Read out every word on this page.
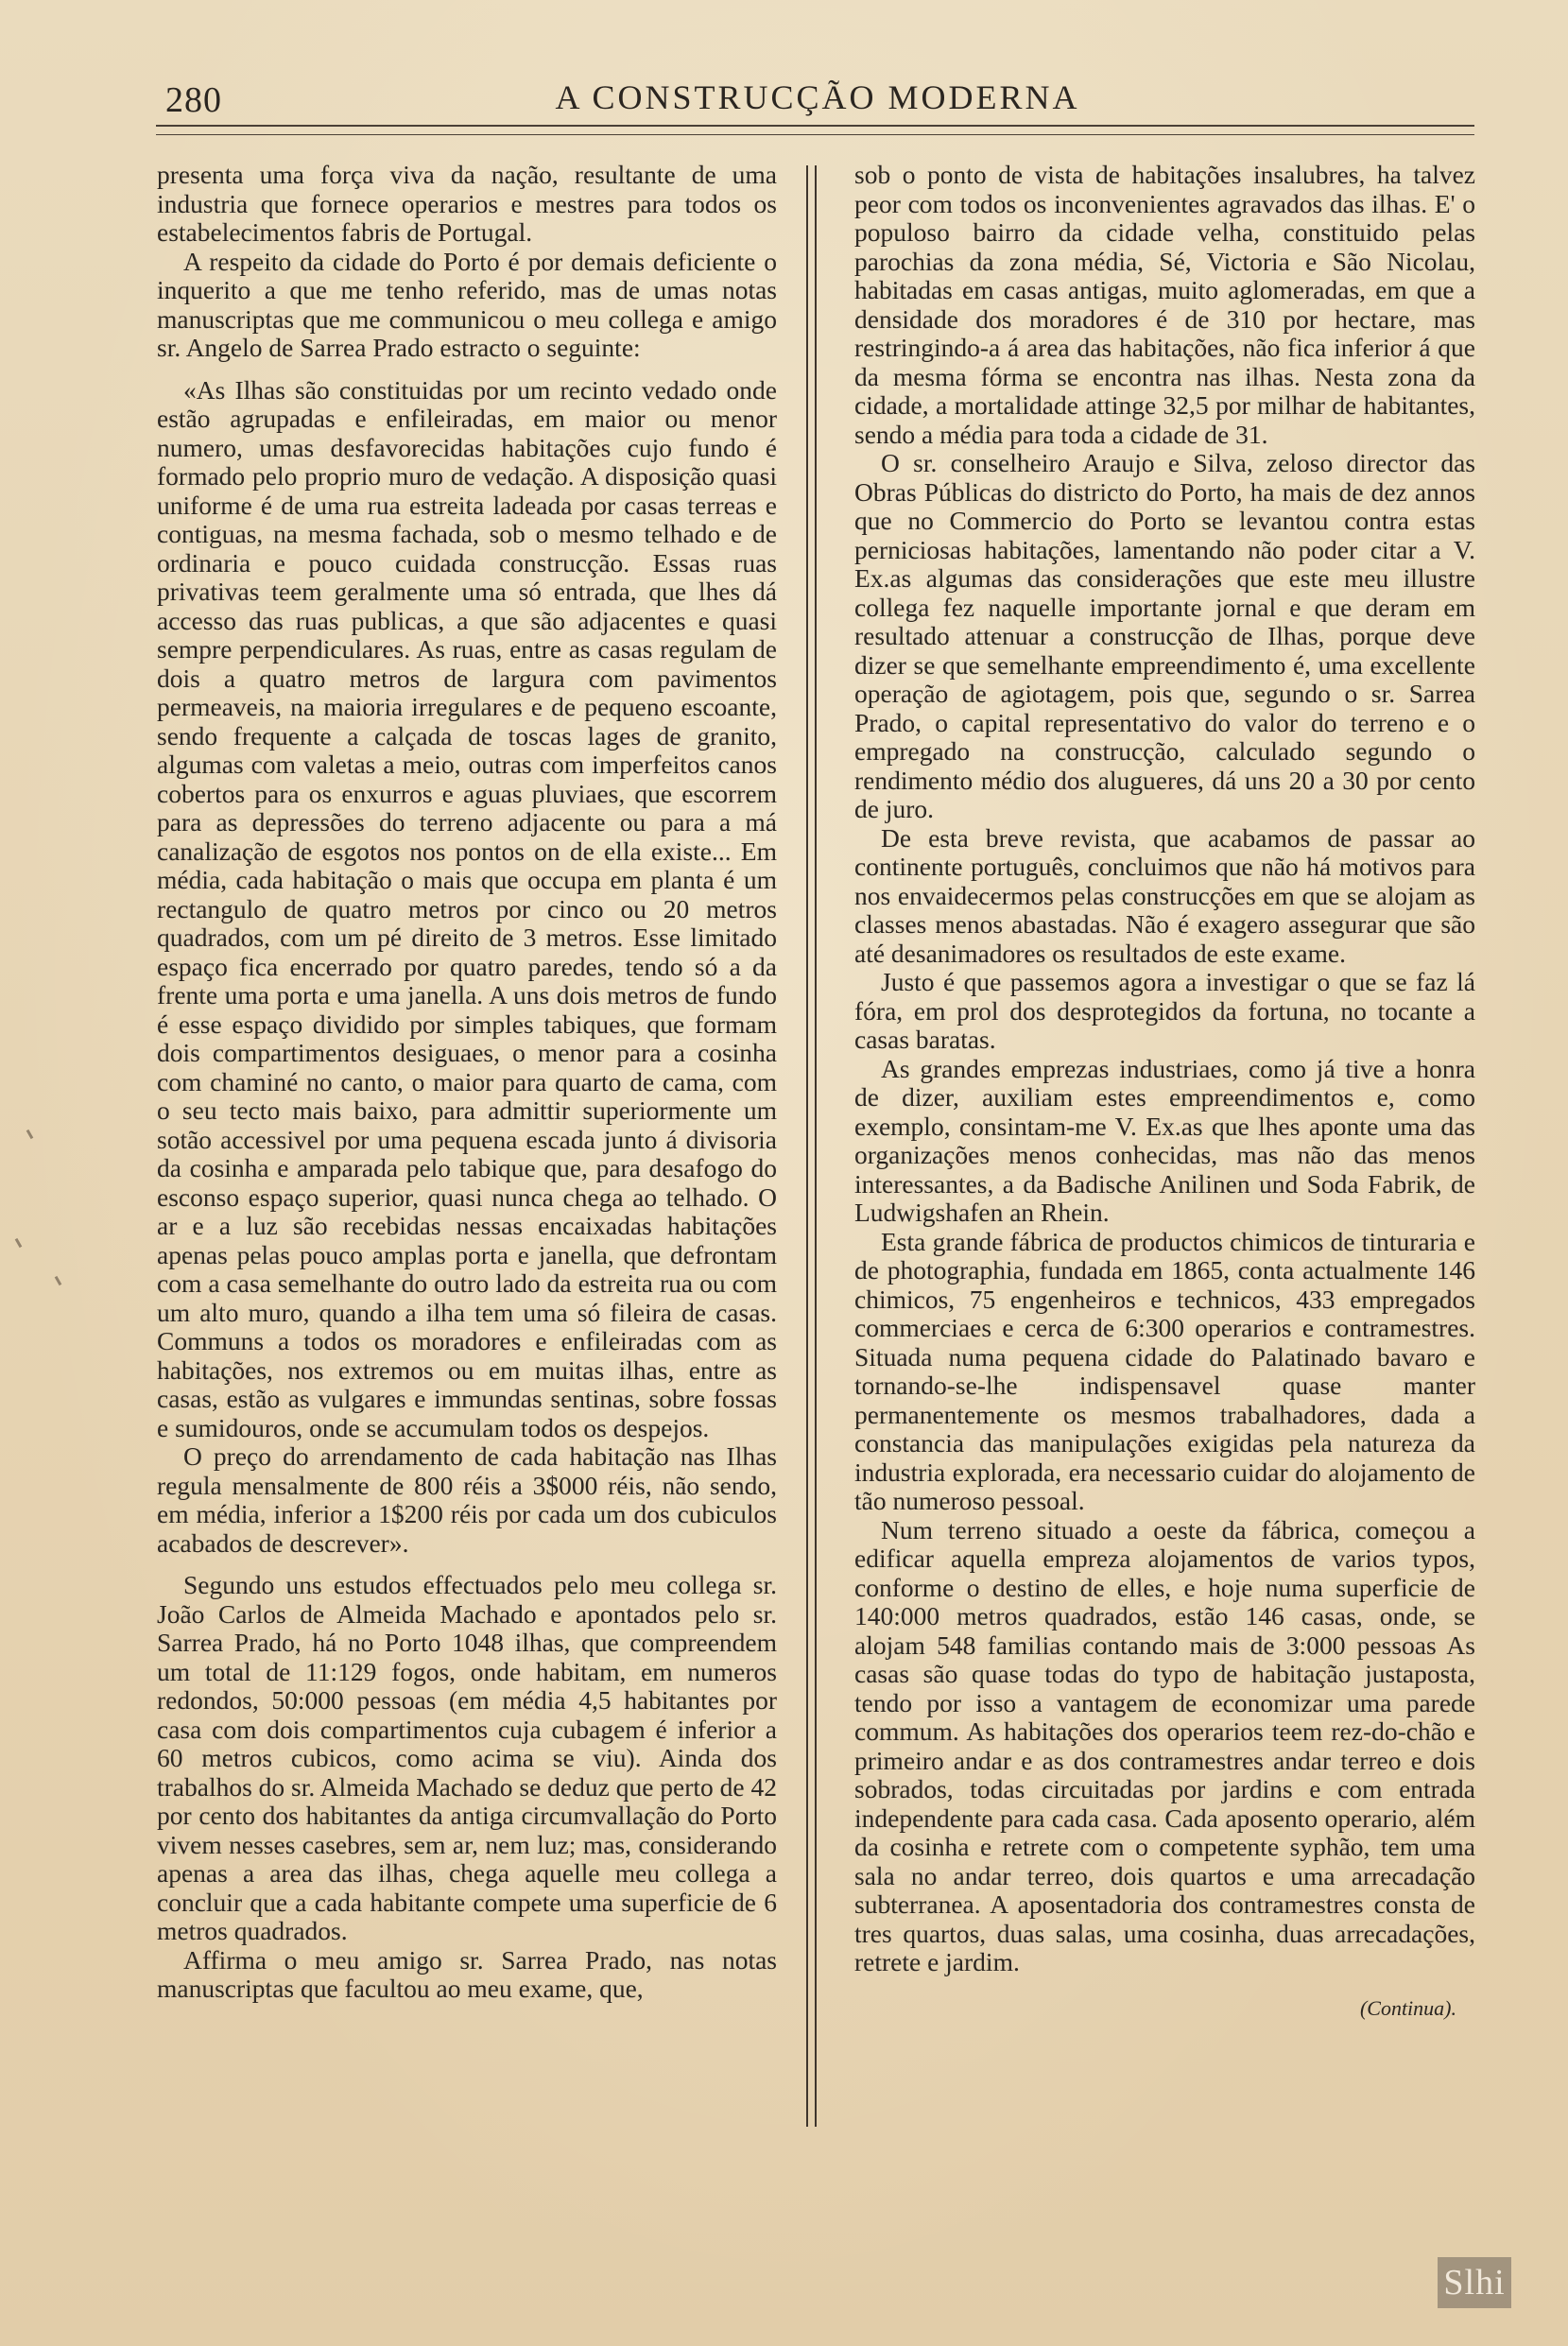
280	A CONSTRUCÇÃO MODERNA

presenta uma força viva da nação, resultante de uma industria que fornece operarios e mestres para todos os estabelecimentos fabris de Portugal.

A respeito da cidade do Porto é por demais deficiente o inquerito a que me tenho referido, mas de umas notas manuscriptas que me communicou o meu collega e amigo sr. Angelo de Sarrea Prado estracto o seguinte:

«As Ilhas são constituidas por um recinto vedado onde estão agrupadas e enfileiradas, em maior ou menor numero, umas desfavorecidas habitações cujo fundo é formado pelo proprio muro de vedação. A disposição quasi uniforme é de uma rua estreita ladeada por casas terreas e contiguas, na mesma fachada, sob o mesmo telhado e de ordinaria e pouco cuidada construcção. Essas ruas privativas teem geralmente uma só entrada, que lhes dá accesso das ruas publicas, a que são adjacentes e quasi sempre perpendiculares. As ruas, entre as casas regulam de dois a quatro metros de largura com pavimentos permeaveis, na maioria irregulares e de pequeno escoante, sendo frequente a calçada de toscas lages de granito, algumas com valetas a meio, outras com imperfeitos canos cobertos para os enxurros e aguas pluviaes, que escorrem para as depressões do terreno adjacente ou para a má canalização de esgotos nos pontos on de ella existe... Em média, cada habitação o mais que occupa em planta é um rectangulo de quatro metros por cinco ou 20 metros quadrados, com um pé direito de 3 metros. Esse limitado espaço fica encerrado por quatro paredes, tendo só a da frente uma porta e uma janella. A uns dois metros de fundo é esse espaço dividido por simples tabiques, que formam dois compartimentos desiguaes, o menor para a cosinha com chaminé no canto, o maior para quarto de cama, com o seu tecto mais baixo, para admittir superiormente um sotão accessivel por uma pequena escada junto á divisoria da cosinha e amparada pelo tabique que, para desafogo do esconso espaço superior, quasi nunca chega ao telhado. O ar e a luz são recebidas nessas encaixadas habitações apenas pelas pouco amplas porta e janella, que defrontam com a casa semelhante do outro lado da estreita rua ou com um alto muro, quando a ilha tem uma só fileira de casas. Communs a todos os moradores e enfileiradas com as habitações, nos extremos ou em muitas ilhas, entre as casas, estão as vulgares e immundas sentinas, sobre fossas e sumidouros, onde se accumulam todos os despejos.

O preço do arrendamento de cada habitação nas Ilhas regula mensalmente de 800 réis a 3$000 réis, não sendo, em média, inferior a 1$200 réis por cada um dos cubiculos acabados de descrever».

Segundo uns estudos effectuados pelo meu collega sr. João Carlos de Almeida Machado e apontados pelo sr. Sarrea Prado, há no Porto 1048 ilhas, que compreendem um total de 11:129 fogos, onde habitam, em numeros redondos, 50:000 pessoas (em média 4,5 habitantes por casa com dois compartimentos cuja cubagem é inferior a 60 metros cubicos, como acima se viu). Ainda dos trabalhos do sr. Almeida Machado se deduz que perto de 42 por cento dos habitantes da antiga circumvallação do Porto vivem nesses casebres, sem ar, nem luz; mas, considerando apenas a area das ilhas, chega aquelle meu collega a concluir que a cada habitante compete uma superficie de 6 metros quadrados.

Affirma o meu amigo sr. Sarrea Prado, nas notas manuscriptas que facultou ao meu exame, que,

sob o ponto de vista de habitações insalubres, ha talvez peor com todos os inconvenientes agravados das ilhas. E' o populoso bairro da cidade velha, constituido pelas parochias da zona média, Sé, Victoria e São Nicolau, habitadas em casas antigas, muito aglomeradas, em que a densidade dos moradores é de 310 por hectare, mas restringindo-a á area das habitações, não fica inferior á que da mesma fórma se encontra nas ilhas. Nesta zona da cidade, a mortalidade attinge 32,5 por milhar de habitantes, sendo a média para toda a cidade de 31.

O sr. conselheiro Araujo e Silva, zeloso director das Obras Públicas do districto do Porto, ha mais de dez annos que no Commercio do Porto se levantou contra estas perniciosas habitações, lamentando não poder citar a V. Ex.as algumas das considerações que este meu illustre collega fez naquelle importante jornal e que deram em resultado attenuar a construcção de Ilhas, porque deve dizer se que semelhante empreendimento é, uma excellente operação de agiotagem, pois que, segundo o sr. Sarrea Prado, o capital representativo do valor do terreno e o empregado na construcção, calculado segundo o rendimento médio dos alugueres, dá uns 20 a 30 por cento de juro.

De esta breve revista, que acabamos de passar ao continente português, concluimos que não há motivos para nos envaidecermos pelas construcções em que se alojam as classes menos abastadas. Não é exagero assegurar que são até desanimadores os resultados de este exame.

Justo é que passemos agora a investigar o que se faz lá fóra, em prol dos desprotegidos da fortuna, no tocante a casas baratas.

As grandes emprezas industriaes, como já tive a honra de dizer, auxiliam estes empreendimentos e, como exemplo, consintam-me V. Ex.as que lhes aponte uma das organizações menos conhecidas, mas não das menos interessantes, a da Badische Anilinen und Soda Fabrik, de Ludwigshafen an Rhein.

Esta grande fábrica de productos chimicos de tinturaria e de photographia, fundada em 1865, conta actualmente 146 chimicos, 75 engenheiros e technicos, 433 empregados commerciaes e cerca de 6:300 operarios e contramestres. Situada numa pequena cidade do Palatinado bavaro e tornando-se-lhe indispensavel quase manter permanentemente os mesmos trabalhadores, dada a constancia das manipulações exigidas pela natureza da industria explorada, era necessario cuidar do alojamento de tão numeroso pessoal.

Num terreno situado a oeste da fábrica, começou a edificar aquella empreza alojamentos de varios typos, conforme o destino de elles, e hoje numa superficie de 140:000 metros quadrados, estão 146 casas, onde, se alojam 548 familias contando mais de 3:000 pessoas As casas são quase todas do typo de habitação justaposta, tendo por isso a vantagem de economizar uma parede commum. As habitações dos operarios teem rez-do-chão e primeiro andar e as dos contramestres andar terreo e dois sobrados, todas circuitadas por jardins e com entrada independente para cada casa. Cada aposento operario, além da cosinha e retrete com o competente syphão, tem uma sala no andar terreo, dois quartos e uma arrecadação subterranea. A aposentadoria dos contramestres consta de tres quartos, duas salas, uma cosinha, duas arrecadações, retrete e jardim.

(Continua).
Slhi
